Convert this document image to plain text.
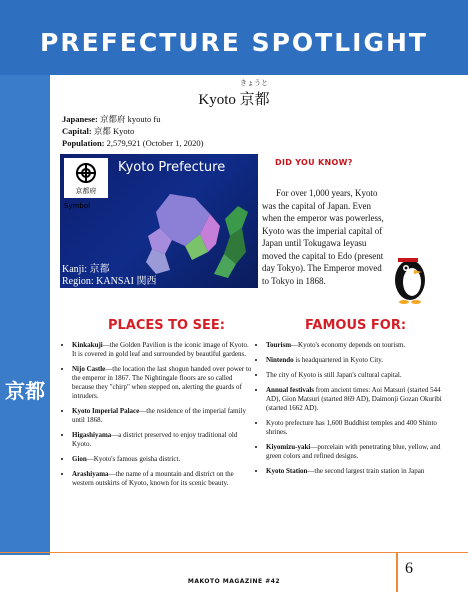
PREFECTURE SPOTLIGHT
京都
きょうと
Kyoto 京都
Japanese: 京都府 kyouto fu
Capital: 京都 Kyoto
Population: 2,579,921 (October 1, 2020)
京都府
Symbol
Kyoto Prefecture
Kanji: 京都
Region: KANSAI 関西
DID YOU KNOW?
For over 1,000 years, Kyoto was the capital of Japan. Even when the emperor was powerless, Kyoto was the imperial capital of Japan until Tokugawa Ieyasu moved the capital to Edo (present day Tokyo). The Emperor moved to Tokyo in 1868.
PLACES TO SEE:	FAMOUS FOR:
• Kinkakuji—the Golden Pavilion is the iconic image of Kyoto. It is covered in gold leaf and surrounded by beautiful gardens.
• Nijo Castle—the location the last shogun handed over power to the emperor in 1867. The Nightingale floors are so called because they "chirp" when stepped on, alerting the guards of intruders.
• Kyoto Imperial Palace—the residence of the imperial family until 1868.
• Higashiyama—a district preserved to enjoy traditional old Kyoto.
• Gion—Kyoto's famous geisha district.
• Arashiyama—the name of a mountain and district on the western outskirts of Kyoto, known for its scenic beauty.
• Tourism—Kyoto's economy depends on tourism.
• Nintendo is headquartered in Kyoto City.
• The city of Kyoto is still Japan's cultural capital.
• Annual festivals from ancient times: Aoi Matsuri (started 544 AD), Gion Matsuri (started 869 AD), Daimonji Gozan Okuribi (started 1662 AD).
• Kyoto prefecture has 1,600 Buddhist temples and 400 Shinto shrines.
• Kiyomizu-yaki—porcelain with penetrating blue, yellow, and green colors and refined designs.
• Kyoto Station—the second largest train station in Japan
MAKOTO MAGAZINE #42
6
